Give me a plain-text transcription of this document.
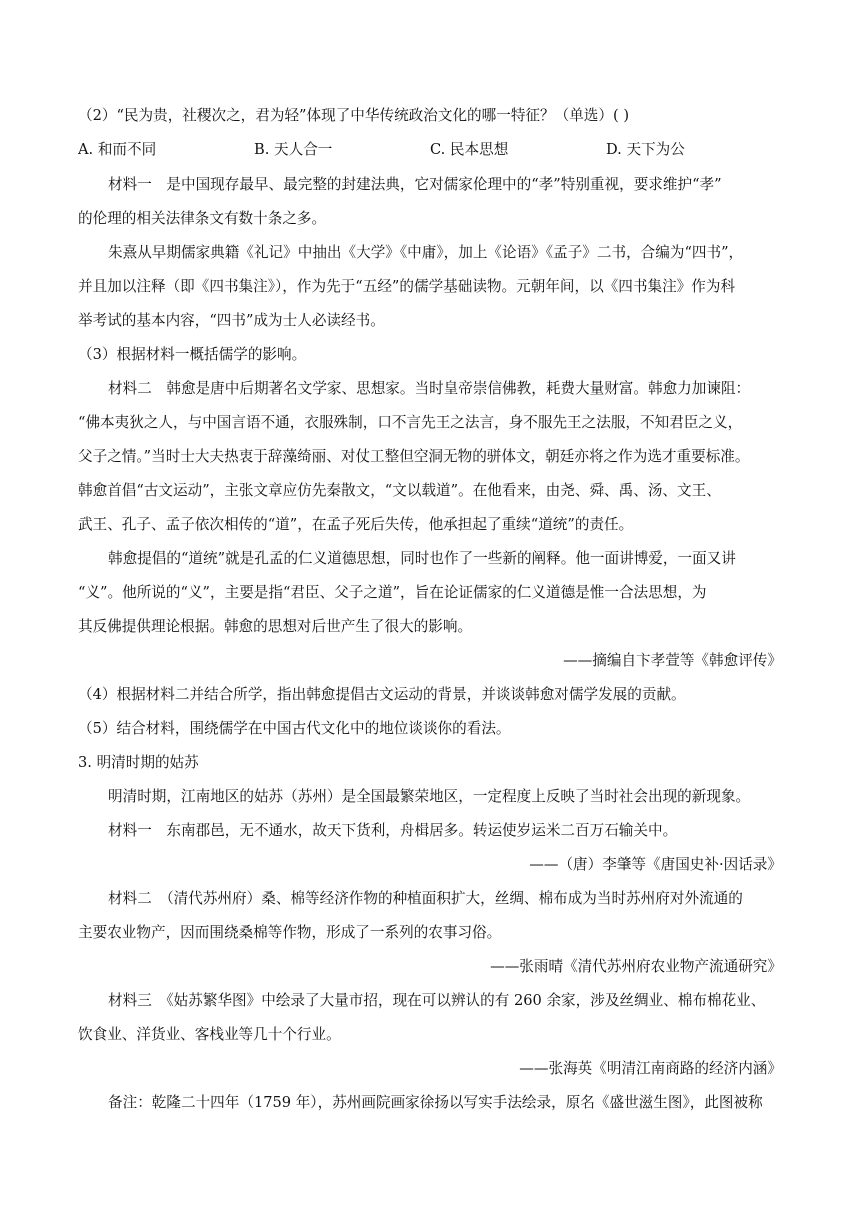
（2）“民为贵，社稷次之，君为轻”体现了中华传统政治文化的哪一特征？（单选）( )
A. 和而不同	B. 天人合一	C. 民本思想	D. 天下为公
材料一　是中国现存最早、最完整的封建法典，它对儒家伦理中的“孝”特别重视，要求维护“孝”
的伦理的相关法律条文有数十条之多。
朱熹从早期儒家典籍《礼记》中抽出《大学》《中庸》，加上《论语》《孟子》二书，合编为“四书”，
并且加以注释（即《四书集注》），作为先于“五经”的儒学基础读物。元朝年间，以《四书集注》作为科
举考试的基本内容，“四书”成为士人必读经书。
（3）根据材料一概括儒学的影响。
材料二　韩愈是唐中后期著名文学家、思想家。当时皇帝崇信佛教，耗费大量财富。韩愈力加谏阻：
“佛本夷狄之人，与中国言语不通，衣服殊制，口不言先王之法言，身不服先王之法服，不知君臣之义，
父子之情。”当时士大夫热衷于辞藻绮丽、对仗工整但空洞无物的骈体文，朝廷亦将之作为选才重要标准。
韩愈首倡“古文运动”，主张文章应仿先秦散文，“文以载道”。在他看来，由尧、舜、禹、汤、文王、
武王、孔子、孟子依次相传的“道”，在孟子死后失传，他承担起了重续“道统”的责任。
韩愈提倡的“道统”就是孔孟的仁义道德思想，同时也作了一些新的阐释。他一面讲博爱，一面又讲
“义”。他所说的“义”，主要是指“君臣、父子之道”，旨在论证儒家的仁义道德是惟一合法思想，为
其反佛提供理论根据。韩愈的思想对后世产生了很大的影响。
——摘编自卞孝萱等《韩愈评传》
（4）根据材料二并结合所学，指出韩愈提倡古文运动的背景，并谈谈韩愈对儒学发展的贡献。
（5）结合材料，围绕儒学在中国古代文化中的地位谈谈你的看法。
3. 明清时期的姑苏
明清时期，江南地区的姑苏（苏州）是全国最繁荣地区，一定程度上反映了当时社会出现的新现象。
材料一　东南郡邑，无不通水，故天下货利，舟楫居多。转运使岁运米二百万石输关中。
——（唐）李肇等《唐国史补·因话录》
材料二　（清代苏州府）桑、棉等经济作物的种植面积扩大，丝绸、棉布成为当时苏州府对外流通的
主要农业物产，因而围绕桑棉等作物，形成了一系列的农事习俗。
——张雨晴《清代苏州府农业物产流通研究》
材料三　《姑苏繁华图》中绘录了大量市招，现在可以辨认的有 260 余家，涉及丝绸业、棉布棉花业、
饮食业、洋货业、客栈业等几十个行业。
——张海英《明清江南商路的经济内涵》
备注：乾隆二十四年（1759 年），苏州画院画家徐扬以写实手法绘录，原名《盛世滋生图》，此图被称
